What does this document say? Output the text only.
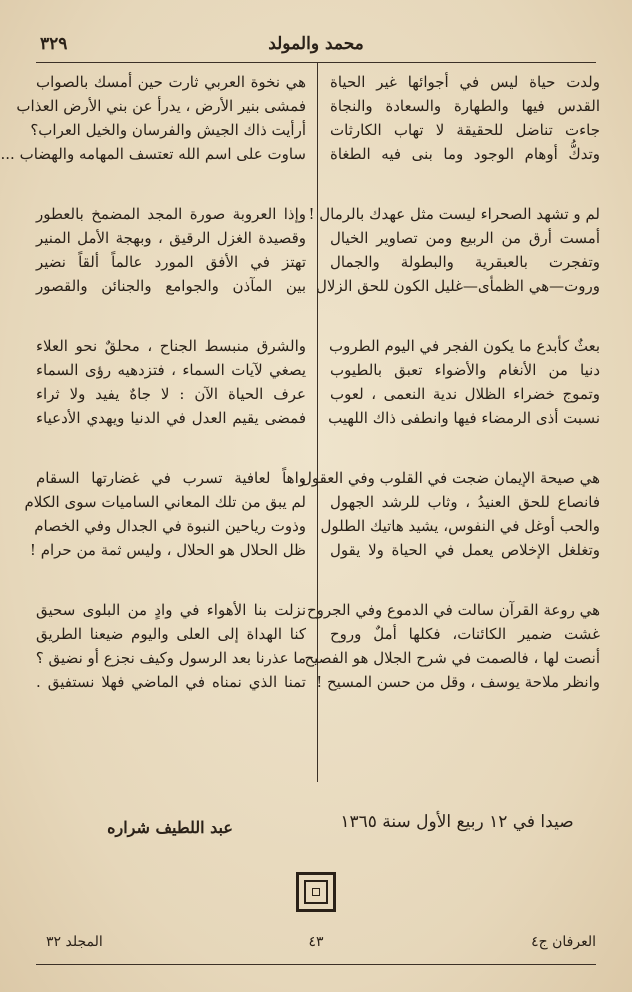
محمد والمولد
٣٢٩
ولدت حياة ليس في أجوائها غير الحياة
القدس فيها والطهارة والسعادة والنجاة
جاءت تناضل للحقيقة لا تهاب الكارثات
وتدكُّ أوهام الوجود وما بنى فيه الطغاة
لم و تشهد الصحراء ليست مثل عهدك بالرمال !
أمست أرق من الربيع ومن تصاوير الخيال
وتفجرت بالعبقرية والبطولة والجمال
وروت—هي الظمأى—غليل الكون للحق الزلال
بعثٌ كأبدع ما يكون الفجر في اليوم الطروب
دنيا من الأنغام والأضواء تعبق بالطيوب
وتموج خضراء الظلال ندية النعمى ، لعوب
نسبت أذى الرمضاء فيها وانطفى ذاك اللهيب
هي صيحة الإيمان ضجت في القلوب وفي العقول
فانصاع للحق العنيدُ ، وثاب للرشد الجهول
والحب أوغل في النفوس، يشيد هاتيك الطلول
وتغلغل الإخلاص يعمل في الحياة ولا يقول
هي روعة القرآن سالت في الدموع وفي الجروح
غشت ضمير الكائنات، فكلها أملٌ وروح
أنصت لها ، فالصمت في شرح الجلال هو الفصيح
وانظر ملاحة يوسف ، وقل من حسن المسيح !
هي نخوة العربي ثارت حين أمسك بالصواب
فمشى بنير الأرض ، يدرأ عن بني الأرض العذاب
أرأيت ذاك الجيش والفرسان والخيل العراب؟
ساوت على اسم الله تعتسف المهامه والهضاب ...
وإذا العروبة صورة المجد المضمخ بالعطور
وقصيدة الغزل الرقيق ، وبهجة الأمل المنير
تهتز في الأفق المورد عالماً ألقاً نضير
بين المآذن والجوامع والجنائن والقصور
والشرق منبسط الجناح ، محلقٌ نحو العلاء
يصغي لآيات السماء ، فتزدهيه رؤى السماء
عرف الحياة الآن : لا جاهٌ يفيد ولا ثراء
فمضى يقيم العدل في الدنيا ويهدي الأدعياء
واهاً لعافية تسرب في غضارتها السقام
لم يبق من تلك المعاني الساميات سوى الكلام
وذوت رياحين النبوة في الجدال وفي الخصام
ظل الحلال هو الحلال ، وليس ثمة من حرام !
نزلت بنا الأهواء في وادٍ من البلوى سحيق
كنا الهداة إلى العلى واليوم ضيعنا الطريق
ما عذرنا بعد الرسول وكيف نجزع أو نضيق ؟
تمنا الذي نمناه في الماضي فهلا نستفيق .
صيدا في ١٢ ربيع الأول سنة ١٣٦٥
عبد اللطيف شراره
العرفان ج٤
٤٣
المجلد ٣٢
